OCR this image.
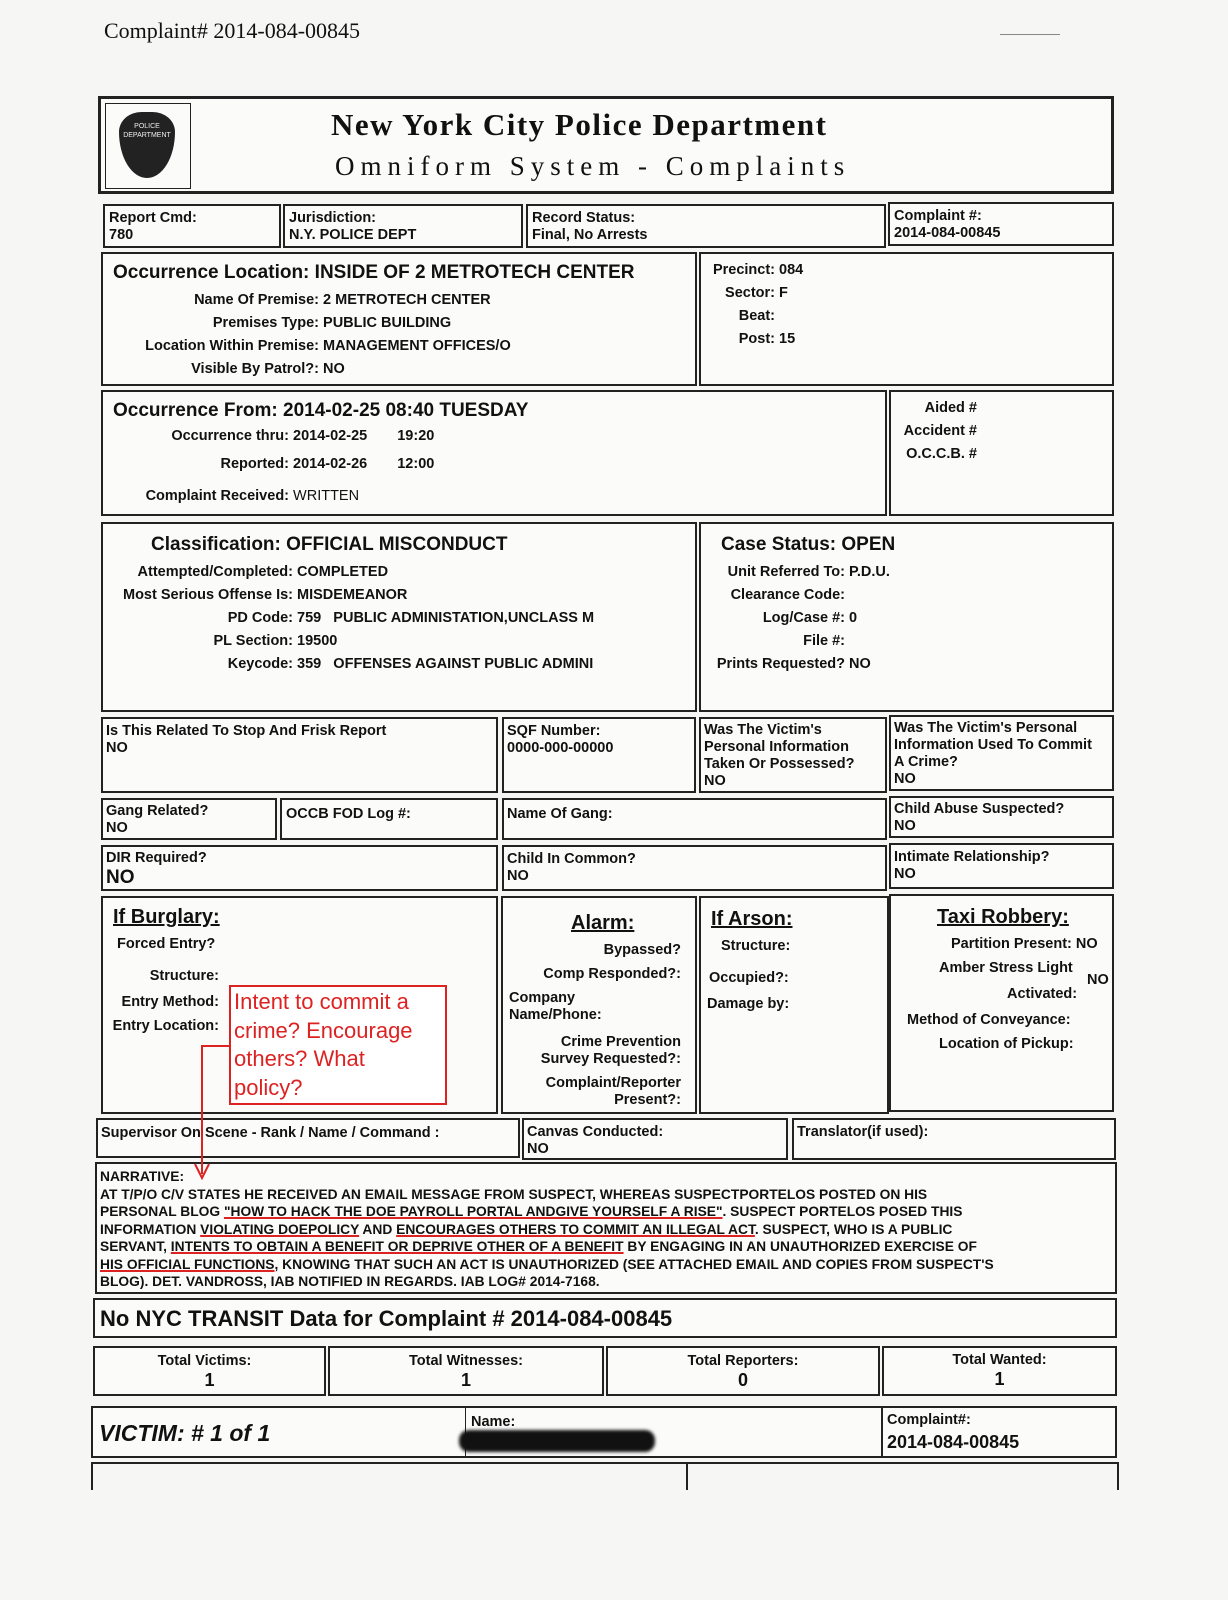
Complaint# 2014-084-00845
POLICE DEPARTMENT	New York City Police Department
Omniform System - Complaints
Report Cmd:
780
Jurisdiction:
N.Y. POLICE DEPT
Record Status:
Final, No Arrests
Complaint #:
2014-084-00845
Occurrence Location: INSIDE OF 2 METROTECH CENTER
Name Of Premise: 2 METROTECH CENTER
Premises Type: PUBLIC BUILDING
Location Within Premise: MANAGEMENT OFFICES/O
Visible By Patrol?: NO
Precinct: 084
Sector: F
Beat:
Post: 15
Occurrence From: 2014-02-25 08:40 TUESDAY
Occurrence thru: 2014-02-25 19:20
Reported: 2014-02-26 12:00
Complaint Received: WRITTEN
Aided #
Accident #
O.C.C.B. #
Classification: OFFICIAL MISCONDUCT
Attempted/Completed: COMPLETED
Most Serious Offense Is: MISDEMEANOR
PD Code: 759   PUBLIC ADMINISTATION,UNCLASS M
PL Section: 19500
Keycode: 359   OFFENSES AGAINST PUBLIC ADMINI
Case Status: OPEN
Unit Referred To: P.D.U.
Clearance Code:
Log/Case #: 0
File #:
Prints Requested? NO
Is This Related To Stop And Frisk Report
NO
SQF Number:
0000-000-00000
Was The Victim's
Personal Information
Taken Or Possessed?
NO
Was The Victim's Personal
Information Used To Commit
A Crime?
NO
Gang Related?
NO
OCCB FOD Log #:	Name Of Gang:	Child Abuse Suspected?
NO
DIR Required?
NO
Child In Common?
NO
Intimate Relationship?
NO
If Burglary:
Forced Entry?
Structure:
Entry Method:
Entry Location:
Alarm:
Bypassed?
Comp Responded?:
Company
Name/Phone:
Crime Prevention
Survey Requested?:
Complaint/Reporter
Present?:
If Arson:
Structure:
Occupied?:
Damage by:
Taxi Robbery:
Partition Present: NO
Amber Stress Light
Activated:
NO
Method of Conveyance:
Location of Pickup:
Supervisor On Scene - Rank / Name / Command :	Canvas Conducted:
NO
Translator(if used):
NARRATIVE:
AT T/P/O C/V STATES HE RECEIVED AN EMAIL MESSAGE FROM SUSPECT, WHEREAS SUSPECTPORTELOS POSTED ON HIS
PERSONAL BLOG "HOW TO HACK THE DOE PAYROLL PORTAL ANDGIVE YOURSELF A RISE". SUSPECT PORTELOS POSED THIS
INFORMATION VIOLATING DOEPOLICY AND ENCOURAGES OTHERS TO COMMIT AN ILLEGAL ACT. SUSPECT, WHO IS A PUBLIC
SERVANT, INTENTS TO OBTAIN A BENEFIT OR DEPRIVE OTHER OF A BENEFIT BY ENGAGING IN AN UNAUTHORIZED EXERCISE OF
HIS OFFICIAL FUNCTIONS, KNOWING THAT SUCH AN ACT IS UNAUTHORIZED (SEE ATTACHED EMAIL AND COPIES FROM SUSPECT'S
BLOG). DET. VANDROSS, IAB NOTIFIED IN REGARDS. IAB LOG# 2014-7168.
Intent to commit a
crime? Encourage
others? What
policy?
No NYC TRANSIT Data for Complaint # 2014-084-00845
Total Victims:
1
Total Witnesses:
1
Total Reporters:
0
Total Wanted:
1
VICTIM: # 1 of 1	Name:	Complaint#:
2014-084-00845
